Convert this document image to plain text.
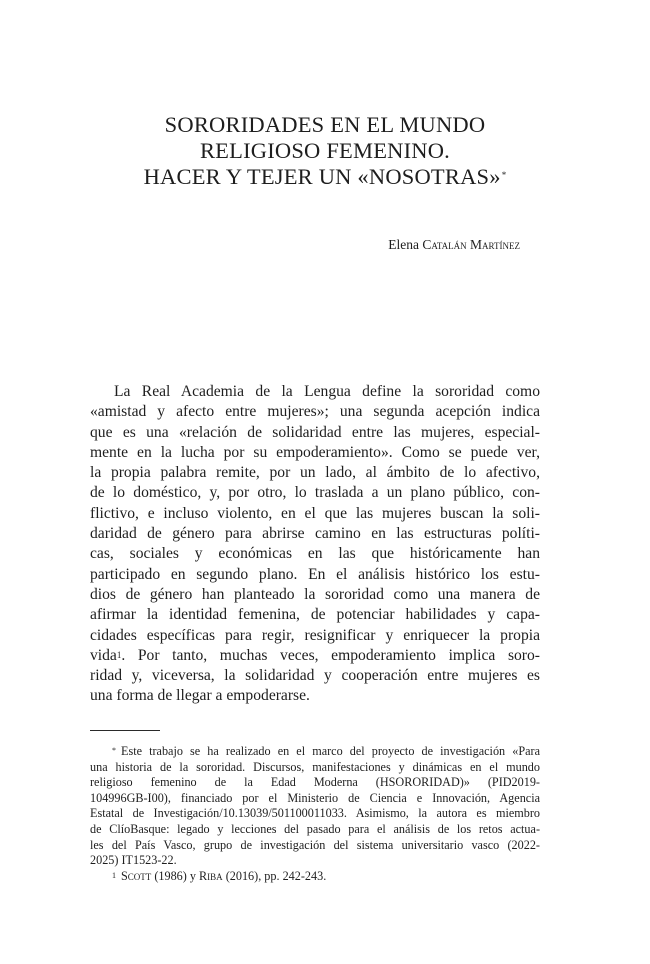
SORORIDADES EN EL MUNDO
RELIGIOSO FEMENINO.
HACER Y TEJER UN «NOSOTRAS»*
Elena Catalán Martínez
La Real Academia de la Lengua define la sororidad como
«amistad y afecto entre mujeres»; una segunda acepción indica
que es una «relación de solidaridad entre las mujeres, especial-
mente en la lucha por su empoderamiento». Como se puede ver,
la propia palabra remite, por un lado, al ámbito de lo afectivo,
de lo doméstico, y, por otro, lo traslada a un plano público, con-
flictivo, e incluso violento, en el que las mujeres buscan la soli-
daridad de género para abrirse camino en las estructuras políti-
cas, sociales y económicas en las que históricamente han
participado en segundo plano. En el análisis histórico los estu-
dios de género han planteado la sororidad como una manera de
afirmar la identidad femenina, de potenciar habilidades y capa-
cidades específicas para regir, resignificar y enriquecer la propia
vida$^1$. Por tanto, muchas veces, empoderamiento implica soro-
ridad y, viceversa, la solidaridad y cooperación entre mujeres es
una forma de llegar a empoderarse.
* Este trabajo se ha realizado en el marco del proyecto de investigación «Para
una historia de la sororidad. Discursos, manifestaciones y dinámicas en el mundo
religioso femenino de la Edad Moderna (HSORORIDAD)» (PID2019-
104996GB-I00), financiado por el Ministerio de Ciencia e Innovación, Agencia
Estatal de Investigación/10.13039/501100011033. Asimismo, la autora es miembro
de ClíoBasque: legado y lecciones del pasado para el análisis de los retos actua-
les del País Vasco, grupo de investigación del sistema universitario vasco (2022-
2025) IT1523-22.
$^1$ Scott (1986) y Riba (2016), pp. 242-243.
